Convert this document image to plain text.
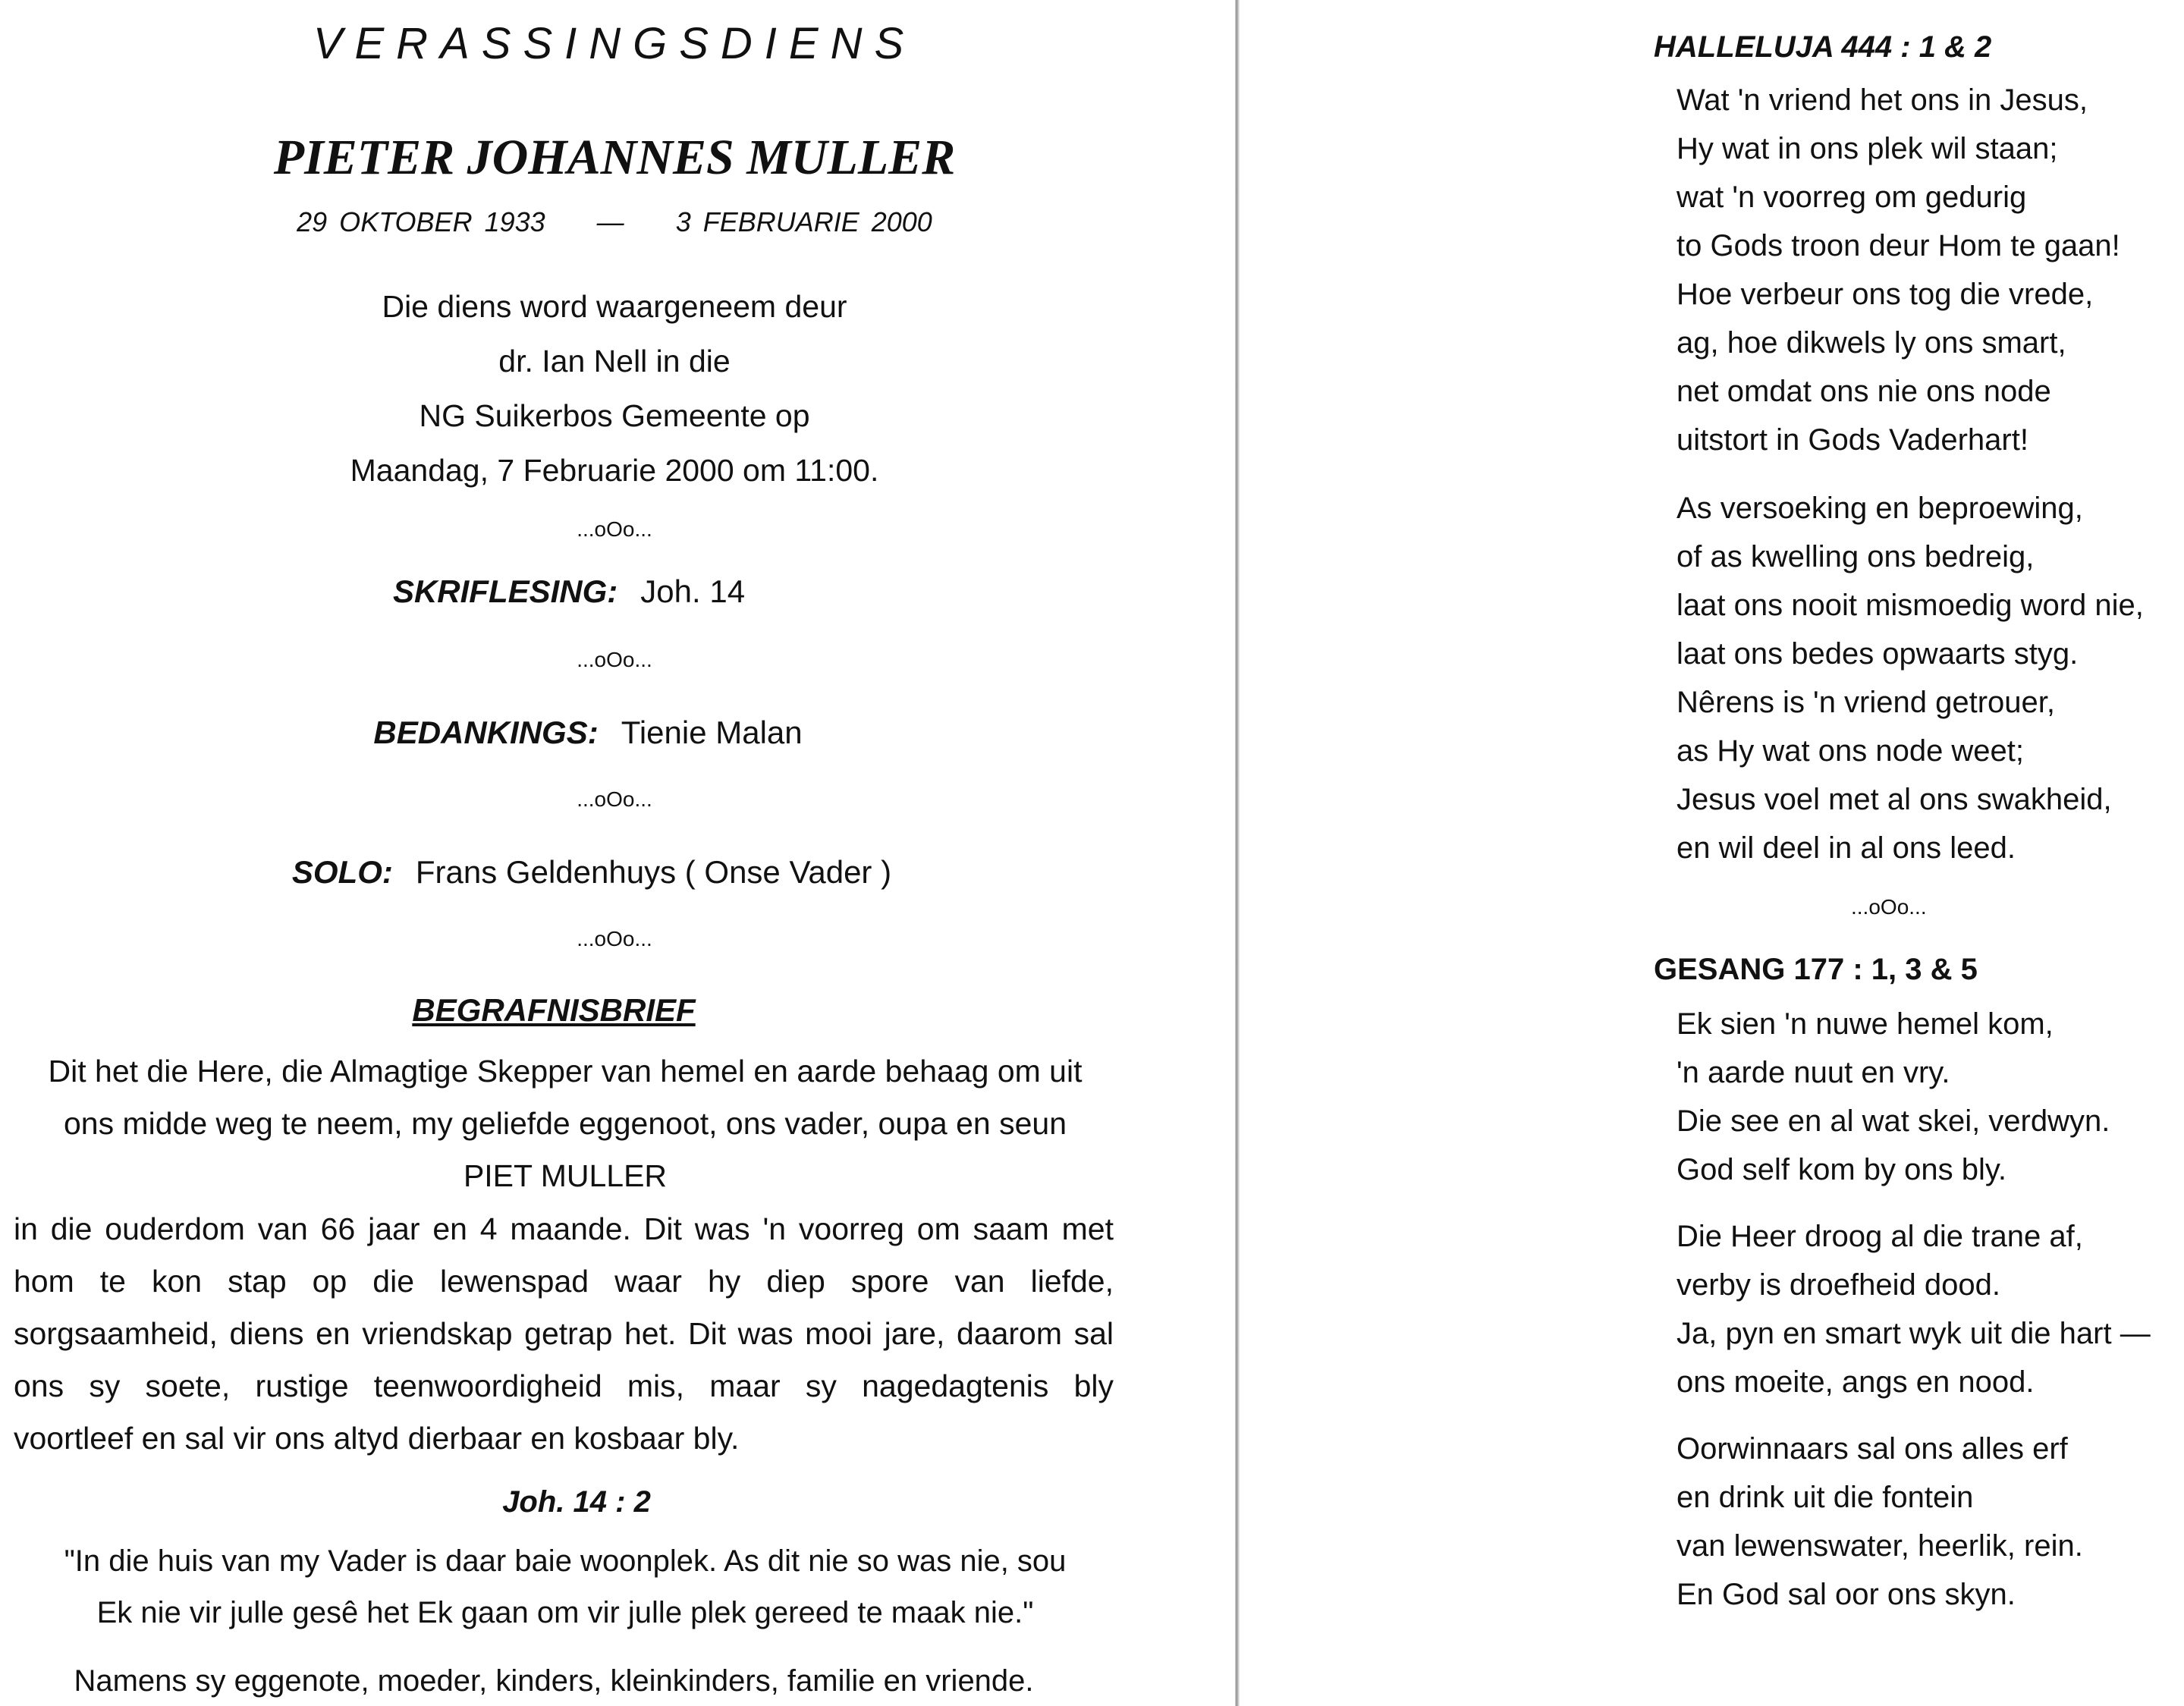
VERASSINGSDIENS
PIETER JOHANNES MULLER
29 OKTOBER 1933 — 3 FEBRUARIE 2000
Die diens word waargeneem deur
dr. Ian Nell in die
NG Suikerbos Gemeente op
Maandag, 7 Februarie 2000 om 11:00.
...oOo...
SKRIFLESING: Joh. 14
...oOo...
BEDANKINGS: Tienie Malan
...oOo...
SOLO: Frans Geldenhuys ( Onse Vader )
...oOo...
BEGRAFNISBRIEF
Dit het die Here, die Almagtige Skepper van hemel en aarde behaag om uit
ons midde weg te neem, my geliefde eggenoot, ons vader, oupa en seun
PIET MULLER
in die ouderdom van 66 jaar en 4 maande. Dit was 'n voorreg om saam met
hom te kon stap op die lewenspad waar hy diep spore van liefde,
sorgsaamheid, diens en vriendskap getrap het. Dit was mooi jare, daarom sal
ons sy soete, rustige teenwoordigheid mis, maar sy nagedagtenis bly
voortleef en sal vir ons altyd dierbaar en kosbaar bly.
Joh. 14 : 2
"In die huis van my Vader is daar baie woonplek. As dit nie so was nie, sou
Ek nie vir julle gesê het Ek gaan om vir julle plek gereed te maak nie."
Namens sy eggenote, moeder, kinders, kleinkinders, familie en vriende.
HALLELUJA 444 : 1 & 2
Wat 'n vriend het ons in Jesus,
Hy wat in ons plek wil staan;
wat 'n voorreg om gedurig
to Gods troon deur Hom te gaan!
Hoe verbeur ons tog die vrede,
ag, hoe dikwels ly ons smart,
net omdat ons nie ons node
uitstort in Gods Vaderhart!
As versoeking en beproewing,
of as kwelling ons bedreig,
laat ons nooit mismoedig word nie,
laat ons bedes opwaarts styg.
Nêrens is 'n vriend getrouer,
as Hy wat ons node weet;
Jesus voel met al ons swakheid,
en wil deel in al ons leed.
...oOo...
GESANG 177 : 1, 3 & 5
Ek sien 'n nuwe hemel kom,
'n aarde nuut en vry.
Die see en al wat skei, verdwyn.
God self kom by ons bly.
Die Heer droog al die trane af,
verby is droefheid dood.
Ja, pyn en smart wyk uit die hart —
ons moeite, angs en nood.
Oorwinnaars sal ons alles erf
en drink uit die fontein
van lewenswater, heerlik, rein.
En God sal oor ons skyn.
